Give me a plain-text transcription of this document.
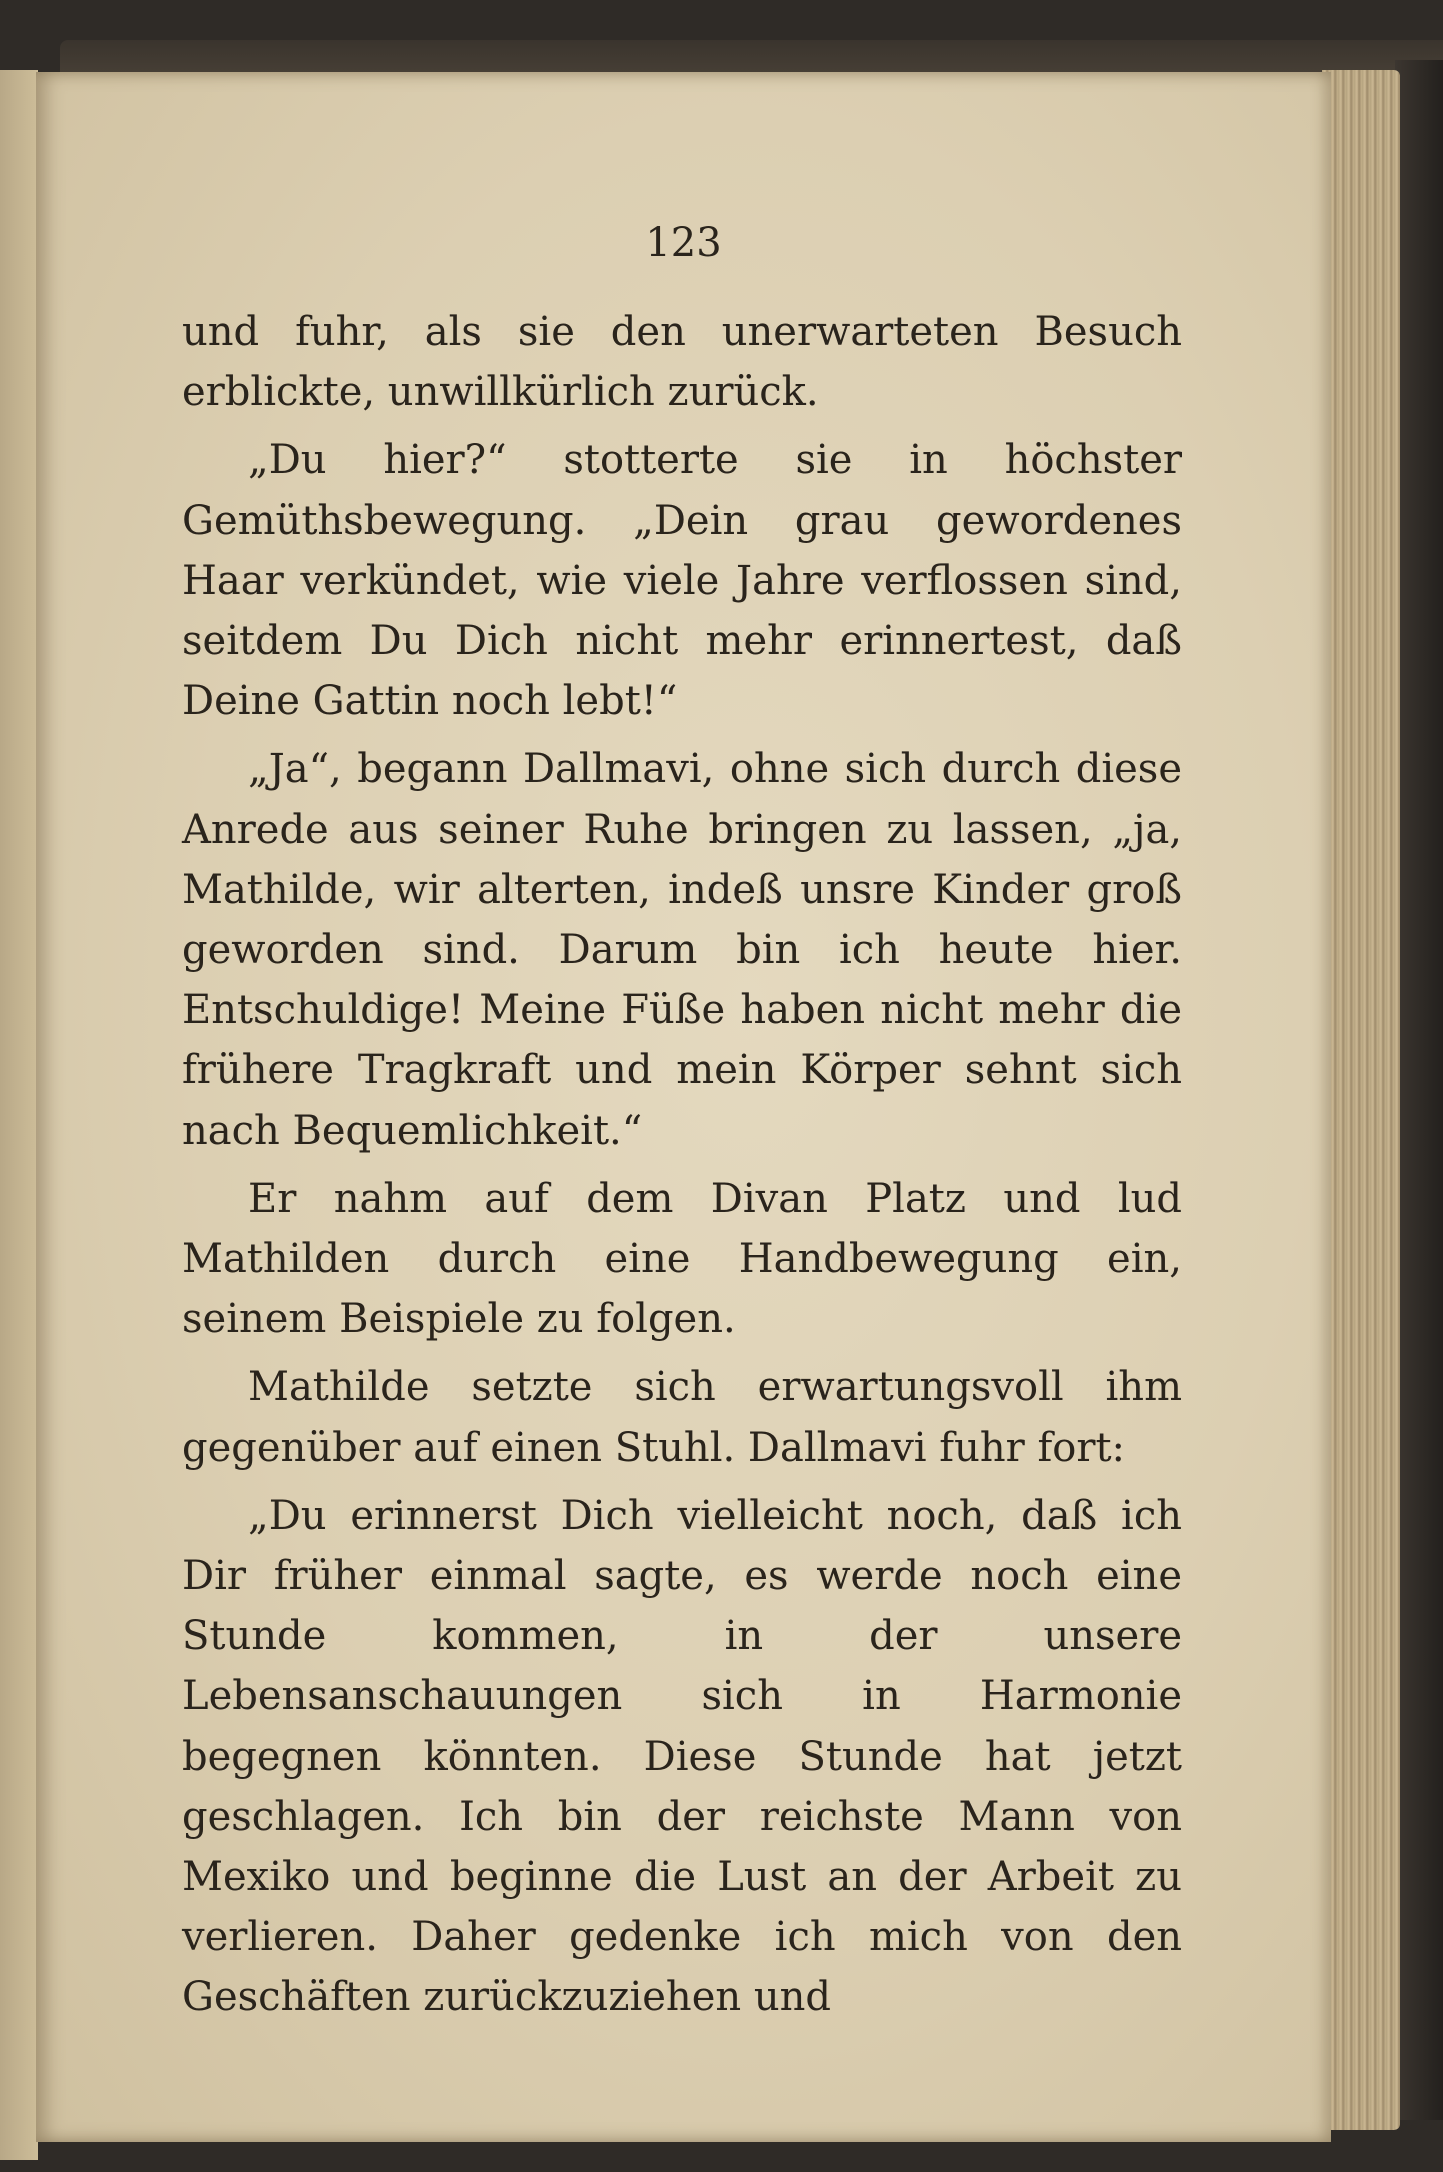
123

und fuhr, als sie den unerwarteten Besuch erblickte, unwillkürlich zurück.

„Du hier?“ stotterte sie in höchster Gemüthsbewegung. „Dein grau gewordenes Haar verkündet, wie viele Jahre verflossen sind, seitdem Du Dich nicht mehr erinnertest, daß Deine Gattin noch lebt!“

„Ja“, begann Dallmavi, ohne sich durch diese Anrede aus seiner Ruhe bringen zu lassen, „ja, Mathilde, wir alterten, indeß unsre Kinder groß geworden sind. Darum bin ich heute hier. Entschuldige! Meine Füße haben nicht mehr die frühere Tragkraft und mein Körper sehnt sich nach Bequemlichkeit.“

Er nahm auf dem Divan Platz und lud Mathilden durch eine Handbewegung ein, seinem Beispiele zu folgen.

Mathilde setzte sich erwartungsvoll ihm gegenüber auf einen Stuhl. Dallmavi fuhr fort:

„Du erinnerst Dich vielleicht noch, daß ich Dir früher einmal sagte, es werde noch eine Stunde kommen, in der unsere Lebensanschauungen sich in Harmonie begegnen könnten. Diese Stunde hat jetzt geschlagen. Ich bin der reichste Mann von Mexiko und beginne die Lust an der Arbeit zu verlieren. Daher gedenke ich mich von den Geschäften zurückzuziehen und
